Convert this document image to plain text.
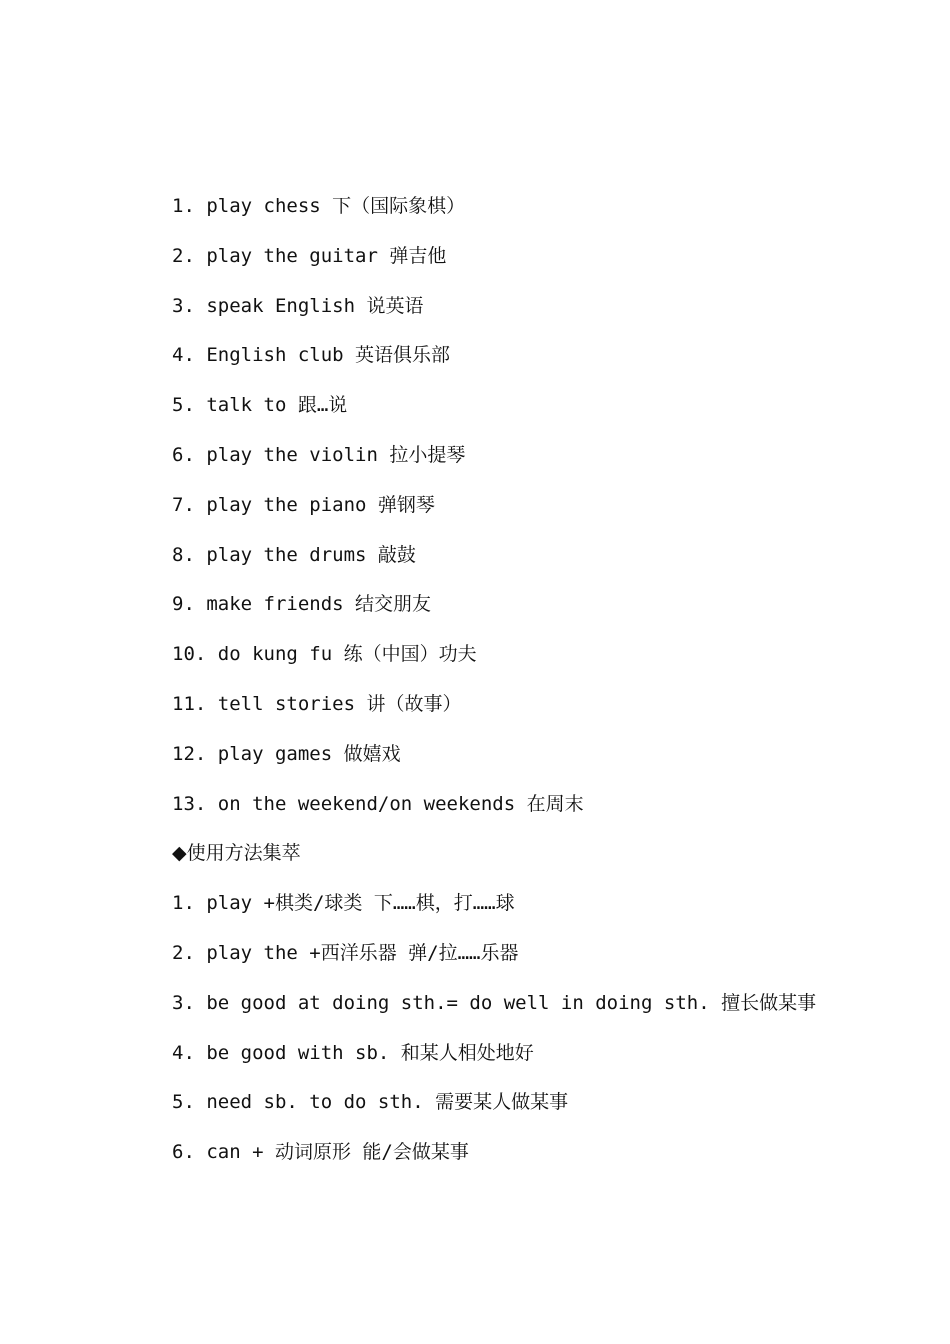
1. play chess 下（国际象棋）
2. play the guitar 弹吉他
3. speak English 说英语
4. English club 英语俱乐部
5. talk to 跟…说
6. play the violin 拉小提琴
7. play the piano 弹钢琴
8. play the drums 敲鼓
9. make friends 结交朋友
10. do kung fu 练（中国）功夫
11. tell stories 讲（故事）
12. play games 做嬉戏
13. on the weekend/on weekends 在周末
◆使用方法集萃
1. play +棋类/球类 下……棋，打……球
2. play the +西洋乐器 弹/拉……乐器
3. be good at doing sth.= do well in doing sth. 擅长做某事
4. be good with sb. 和某人相处地好
5. need sb. to do sth. 需要某人做某事
6. can + 动词原形 能/会做某事
